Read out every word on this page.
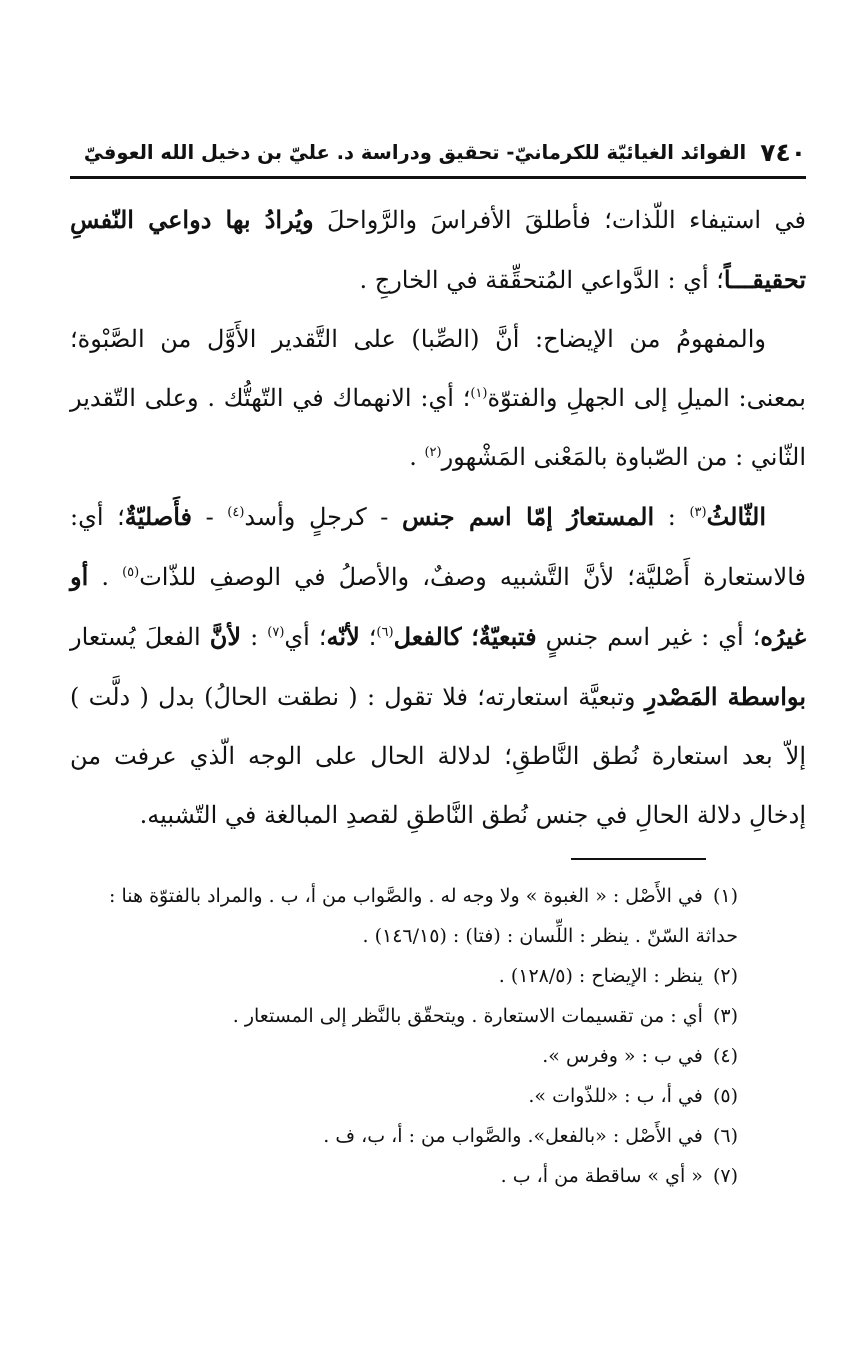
٧٤٠
الفوائد الغيائيّة للكرمانيّ- تحقيق ودراسة د. عليّ بن دخيل الله العوفيّ

في استيفاء اللّذات؛ فأطلقَ الأفراسَ والرَّواحلَ ويُرادُ بها دواعي النّفسِ تحقيقـــاً؛ أي : الدَّواعي المُتحقِّقة في الخارجِ .

والمفهومُ من الإيضاح: أنَّ (الصِّبا) على التَّقدير الأَوَّل من الصَّبْوة؛ بمعنى: الميلِ إلى الجهلِ والفتوّة$^{(١)}$؛ أي: الانهماك في التّهتُّك . وعلى التّقدير الثّاني : من الصّباوة بالمَعْنى المَشْهور$^{(٢)}$ .

الثّالثُ$^{(٣)}$ : المستعارُ إمّا اسم جنس - كرجلٍ وأسد$^{(٤)}$ - فأَصليّةٌ؛ أي: فالاستعارة أَصْليَّة؛ لأنَّ التَّشبيه وصفٌ، والأصلُ في الوصفِ للذّات$^{(٥)}$ . أو غيرُه؛ أي : غير اسم جنسٍ فتبعيّةٌ؛ كالفعل$^{(٦)}$؛ لأنّه؛ أي$^{(٧)}$ : لأنَّ الفعلَ يُستعار بواسطة المَصْدرِ وتبعيَّة استعارته؛ فلا تقول : ( نطقت الحالُ) بدل ( دلَّت ) إلاّ بعد استعارة نُطق النَّاطقِ؛ لدلالة الحال على الوجه الّذي عرفت من إدخالِ دلالة الحالِ في جنس نُطق النَّاطقِ لقصدِ المبالغة في التّشبيه.

(١) في الأَصْل : « الغبوة » ولا وجه له . والصَّواب من أ، ب . والمراد بالفتوّة هنا : حداثة السّنّ . ينظر : اللِّسان : (فتا) : (١٤٦/١٥) .
(٢) ينظر : الإيضاح : (١٢٨/٥) .
(٣) أي : من تقسيمات الاستعارة . ويتحقّق بالنَّظر إلى المستعار .
(٤) في ب : « وفرس ».
(٥) في أ، ب : «للذّوات ».
(٦) في الأَصْل : «بالفعل». والصَّواب من : أ، ب، ف .
(٧) « أي » ساقطة من أ، ب .
